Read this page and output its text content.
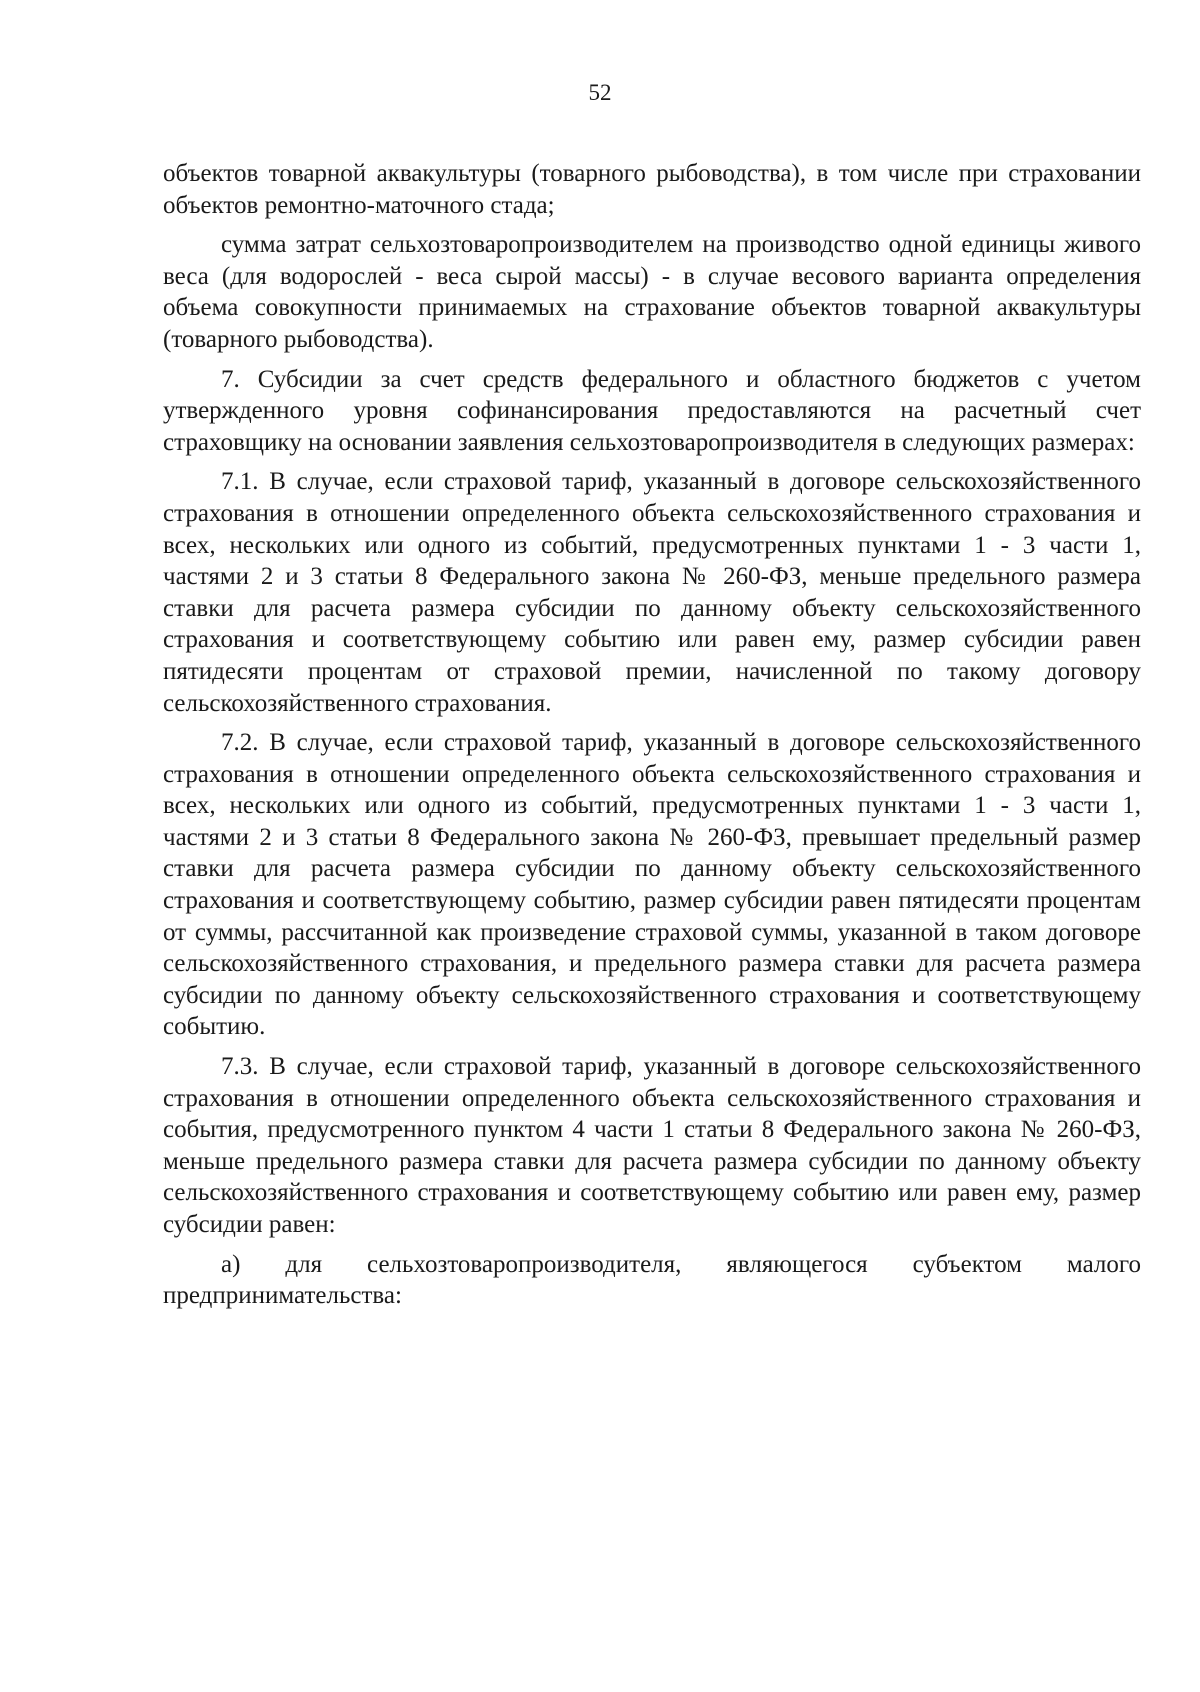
52

объектов товарной аквакультуры (товарного рыбоводства), в том числе при страховании объектов ремонтно-маточного стада;

сумма затрат сельхозтоваропроизводителем на производство одной единицы живого веса (для водорослей - веса сырой массы) - в случае весового варианта определения объема совокупности принимаемых на страхование объектов товарной аквакультуры (товарного рыбоводства).

7. Субсидии за счет средств федерального и областного бюджетов с учетом утвержденного уровня софинансирования предоставляются на расчетный счет страховщику на основании заявления сельхозтоваропроизводителя в следующих размерах:

7.1. В случае, если страховой тариф, указанный в договоре сельскохозяйственного страхования в отношении определенного объекта сельскохозяйственного страхования и всех, нескольких или одного из событий, предусмотренных пунктами 1 - 3 части 1, частями 2 и 3 статьи 8 Федерального закона № 260-ФЗ, меньше предельного размера ставки для расчета размера субсидии по данному объекту сельскохозяйственного страхования и соответствующему событию или равен ему, размер субсидии равен пятидесяти процентам от страховой премии, начисленной по такому договору сельскохозяйственного страхования.

7.2. В случае, если страховой тариф, указанный в договоре сельскохозяйственного страхования в отношении определенного объекта сельскохозяйственного страхования и всех, нескольких или одного из событий, предусмотренных пунктами 1 - 3 части 1, частями 2 и 3 статьи 8 Федерального закона № 260-ФЗ, превышает предельный размер ставки для расчета размера субсидии по данному объекту сельскохозяйственного страхования и соответствующему событию, размер субсидии равен пятидесяти процентам от суммы, рассчитанной как произведение страховой суммы, указанной в таком договоре сельскохозяйственного страхования, и предельного размера ставки для расчета размера субсидии по данному объекту сельскохозяйственного страхования и соответствующему событию.

7.3. В случае, если страховой тариф, указанный в договоре сельскохозяйственного страхования в отношении определенного объекта сельскохозяйственного страхования и события, предусмотренного пунктом 4 части 1 статьи 8 Федерального закона № 260-ФЗ, меньше предельного размера ставки для расчета размера субсидии по данному объекту сельскохозяйственного страхования и соответствующему событию или равен ему, размер субсидии равен:

а) для сельхозтоваропроизводителя, являющегося субъектом малого предпринимательства:
